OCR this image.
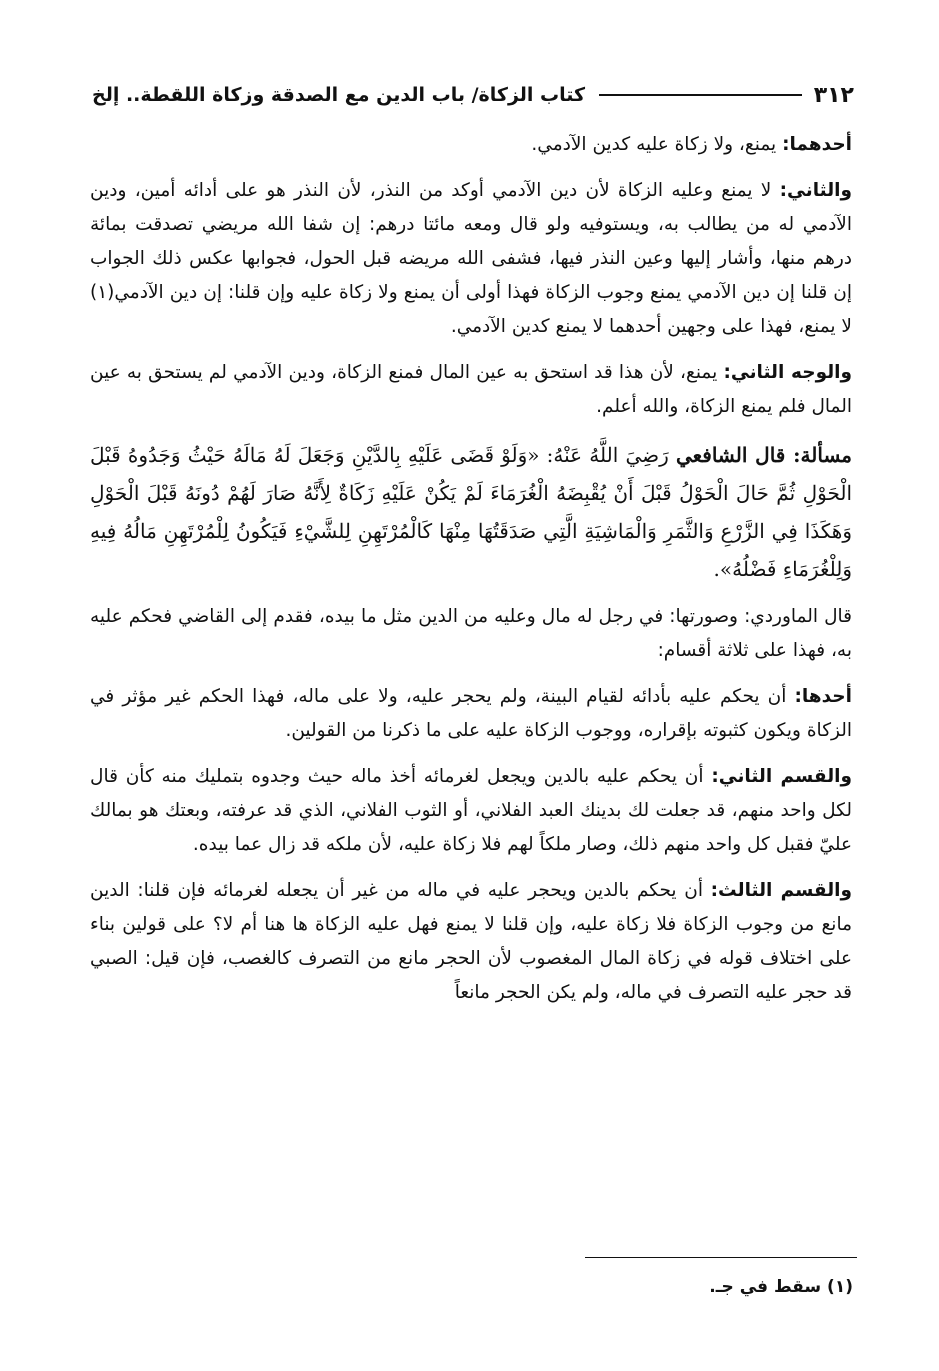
٣١٢
كتاب الزكاة/ باب الدين مع الصدقة وزكاة اللقطة.. إلخ

أحدهما: يمنع، ولا زكاة عليه كدين الآدمي.

والثاني: لا يمنع وعليه الزكاة لأن دين الآدمي أوكد من النذر، لأن النذر هو على أدائه أمين، ودين الآدمي له من يطالب به، ويستوفيه ولو قال ومعه مائتا درهم: إن شفا الله مريضي تصدقت بمائة درهم منها، وأشار إليها وعين النذر فيها، فشفى الله مريضه قبل الحول، فجوابها عكس ذلك الجواب إن قلنا إن دين الآدمي يمنع وجوب الزكاة فهذا أولى أن يمنع ولا زكاة عليه وإن قلنا: إن دين الآدمي(١) لا يمنع، فهذا على وجهين أحدهما لا يمنع كدين الآدمي.

والوجه الثاني: يمنع، لأن هذا قد استحق به عين المال فمنع الزكاة، ودين الآدمي لم يستحق به عين المال فلم يمنع الزكاة، والله أعلم.

مسألة: قال الشافعي رَضِيَ اللَّهُ عَنْهُ: «وَلَوْ قَضَى عَلَيْهِ بِالدَّيْنِ وَجَعَلَ لَهُ مَالَهُ حَيْثُ وَجَدُوهُ قَبْلَ الْحَوْلِ ثُمَّ حَالَ الْحَوْلُ قَبْلَ أَنْ يُقْبِضَهُ الْغُرَمَاءَ لَمْ يَكُنْ عَلَيْهِ زَكَاةٌ لِأَنَّهُ صَارَ لَهُمْ دُونَهُ قَبْلَ الْحَوْلِ وَهَكَذَا فِي الزَّرْعِ وَالثَّمَرِ وَالْمَاشِيَةِ الَّتِي صَدَقَتُهَا مِنْهَا كَالْمُرْتَهِنِ لِلشَّيْءِ فَيَكُونُ لِلْمُرْتَهِنِ مَالُهُ فِيهِ وَلِلْغُرَمَاءِ فَضْلُهُ».

قال الماوردي: وصورتها: في رجل له مال وعليه من الدين مثل ما بيده، فقدم إلى القاضي فحكم عليه به، فهذا على ثلاثة أقسام:

أحدها: أن يحكم عليه بأدائه لقيام البينة، ولم يحجر عليه، ولا على ماله، فهذا الحكم غير مؤثر في الزكاة ويكون كثبوته بإقراره، ووجوب الزكاة عليه على ما ذكرنا من القولين.

والقسم الثاني: أن يحكم عليه بالدين ويجعل لغرمائه أخذ ماله حيث وجدوه بتمليك منه كأن قال لكل واحد منهم، قد جعلت لك بدينك العبد الفلاني، أو الثوب الفلاني، الذي قد عرفته، وبعتك هو بمالك عليّ فقبل كل واحد منهم ذلك، وصار ملكاً لهم فلا زكاة عليه، لأن ملكه قد زال عما بيده.

والقسم الثالث: أن يحكم بالدين ويحجر عليه في ماله من غير أن يجعله لغرمائه فإن قلنا: الدين مانع من وجوب الزكاة فلا زكاة عليه، وإن قلنا لا يمنع فهل عليه الزكاة ها هنا أم لا؟ على قولين بناء على اختلاف قوله في زكاة المال المغصوب لأن الحجر مانع من التصرف كالغصب، فإن قيل: الصبي قد حجر عليه التصرف في ماله، ولم يكن الحجر مانعاً

(١) سقط في جـ.
